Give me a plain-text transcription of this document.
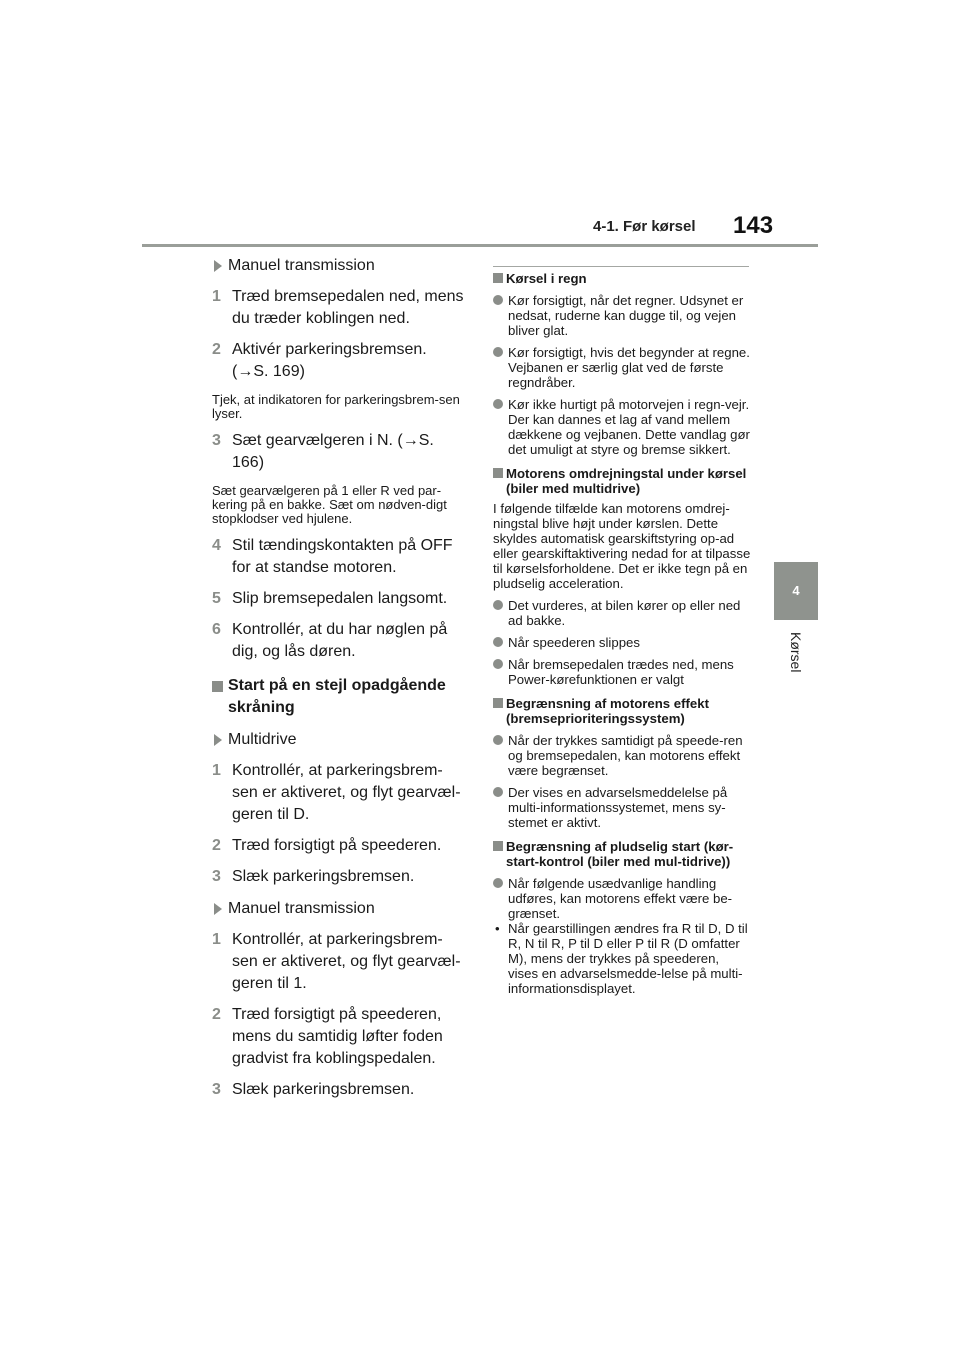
4-1. Før kørsel 143
4
Kørsel
Manuel transmission
1 Træd bremsepedalen ned, mens du træder koblingen ned.
2 Aktivér parkeringsbremsen. (→S. 169)
Tjek, at indikatoren for parkeringsbrem-sen lyser.
3 Sæt gearvælgeren i N. (→S. 166)
Sæt gearvælgeren på 1 eller R ved par-kering på en bakke. Sæt om nødven-digt stopklodser ved hjulene.
4 Stil tændingskontakten på OFF for at standse motoren.
5 Slip bremsepedalen langsomt.
6 Kontrollér, at du har nøglen på dig, og lås døren.
Start på en stejl opadgående skråning
Multidrive
1 Kontrollér, at parkeringsbrem-sen er aktiveret, og flyt gearvæl-geren til D.
2 Træd forsigtigt på speederen.
3 Slæk parkeringsbremsen.
Manuel transmission
1 Kontrollér, at parkeringsbrem-sen er aktiveret, og flyt gearvæl-geren til 1.
2 Træd forsigtigt på speederen, mens du samtidig løfter foden gradvist fra koblingspedalen.
3 Slæk parkeringsbremsen.
Kørsel i regn
Kør forsigtigt, når det regner. Udsynet er nedsat, ruderne kan dugge til, og vejen bliver glat.
Kør forsigtigt, hvis det begynder at regne. Vejbanen er særlig glat ved de første regndråber.
Kør ikke hurtigt på motorvejen i regn-vejr. Der kan dannes et lag af vand mellem dækkene og vejbanen. Dette vandlag gør det umuligt at styre og bremse sikkert.
Motorens omdrejningstal under kørsel (biler med multidrive)
I følgende tilfælde kan motorens omdrej-ningstal blive højt under kørslen. Dette skyldes automatisk gearskiftstyring op-ad eller gearskiftaktivering nedad for at tilpasse til kørselsforholdene. Det er ikke tegn på en pludselig acceleration.
Det vurderes, at bilen kører op eller ned ad bakke.
Når speederen slippes
Når bremsepedalen trædes ned, mens Power-kørefunktionen er valgt
Begrænsning af motorens effekt (bremseprioriteringssystem)
Når der trykkes samtidigt på speede-ren og bremsepedalen, kan motorens effekt være begrænset.
Der vises en advarselsmeddelelse på multi-informationssystemet, mens sy-stemet er aktivt.
Begrænsning af pludselig start (kør-start-kontrol (biler med mul-tidrive))
Når følgende usædvanlige handling udføres, kan motorens effekt være be-grænset.
• Når gearstillingen ændres fra R til D, D til R, N til R, P til D eller P til R (D omfatter M), mens der trykkes på speederen, vises en advarselsmedde-lelse på multi-informationsdisplayet.
